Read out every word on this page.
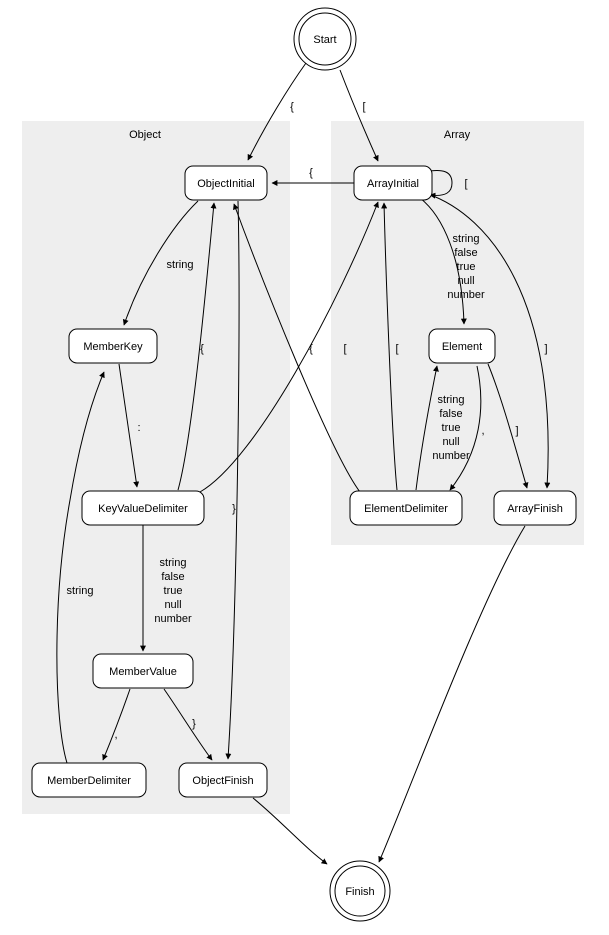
Object	Array
{	[
{
[
string
string
false
true
null
number
:
{	[
string
false
true
null
number
{	[
string
false
true
null
number
,	]
]
,
}
string
}
Start
ObjectInitial	ArrayInitial
MemberKey	Element
KeyValueDelimiter	ElementDelimiter	ArrayFinish
MemberValue
MemberDelimiter	ObjectFinish
Finish
